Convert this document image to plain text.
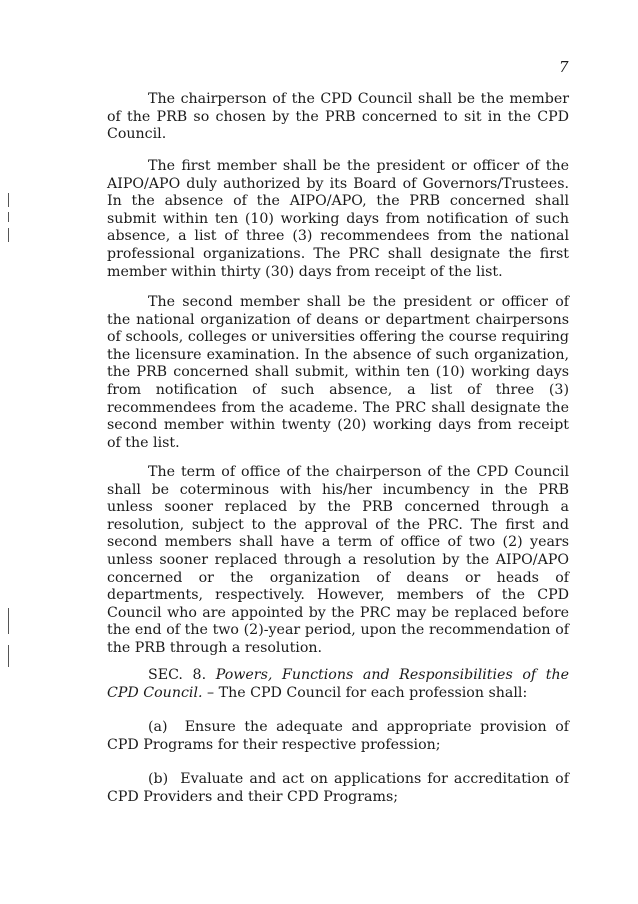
7

The chairperson of the CPD Council shall be the member of the PRB so chosen by the PRB concerned to sit in the CPD Council.

The first member shall be the president or officer of the AIPO/APO duly authorized by its Board of Governors/Trustees. In the absence of the AIPO/APO, the PRB concerned shall submit within ten (10) working days from notification of such absence, a list of three (3) recommendees from the national professional organizations. The PRC shall designate the first member within thirty (30) days from receipt of the list.

The second member shall be the president or officer of the national organization of deans or department chairpersons of schools, colleges or universities offering the course requiring the licensure examination. In the absence of such organization, the PRB concerned shall submit, within ten (10) working days from notification of such absence, a list of three (3) recommendees from the academe. The PRC shall designate the second member within twenty (20) working days from receipt of the list.

The term of office of the chairperson of the CPD Council shall be coterminous with his/her incumbency in the PRB unless sooner replaced by the PRB concerned through a resolution, subject to the approval of the PRC. The first and second members shall have a term of office of two (2) years unless sooner replaced through a resolution by the AIPO/APO concerned or the organization of deans or heads of departments, respectively. However, members of the CPD Council who are appointed by the PRC may be replaced before the end of the two (2)-year period, upon the recommendation of the PRB through a resolution.

SEC. 8. Powers, Functions and Responsibilities of the CPD Council. – The CPD Council for each profession shall:

(a) Ensure the adequate and appropriate provision of CPD Programs for their respective profession;

(b) Evaluate and act on applications for accreditation of CPD Providers and their CPD Programs;
